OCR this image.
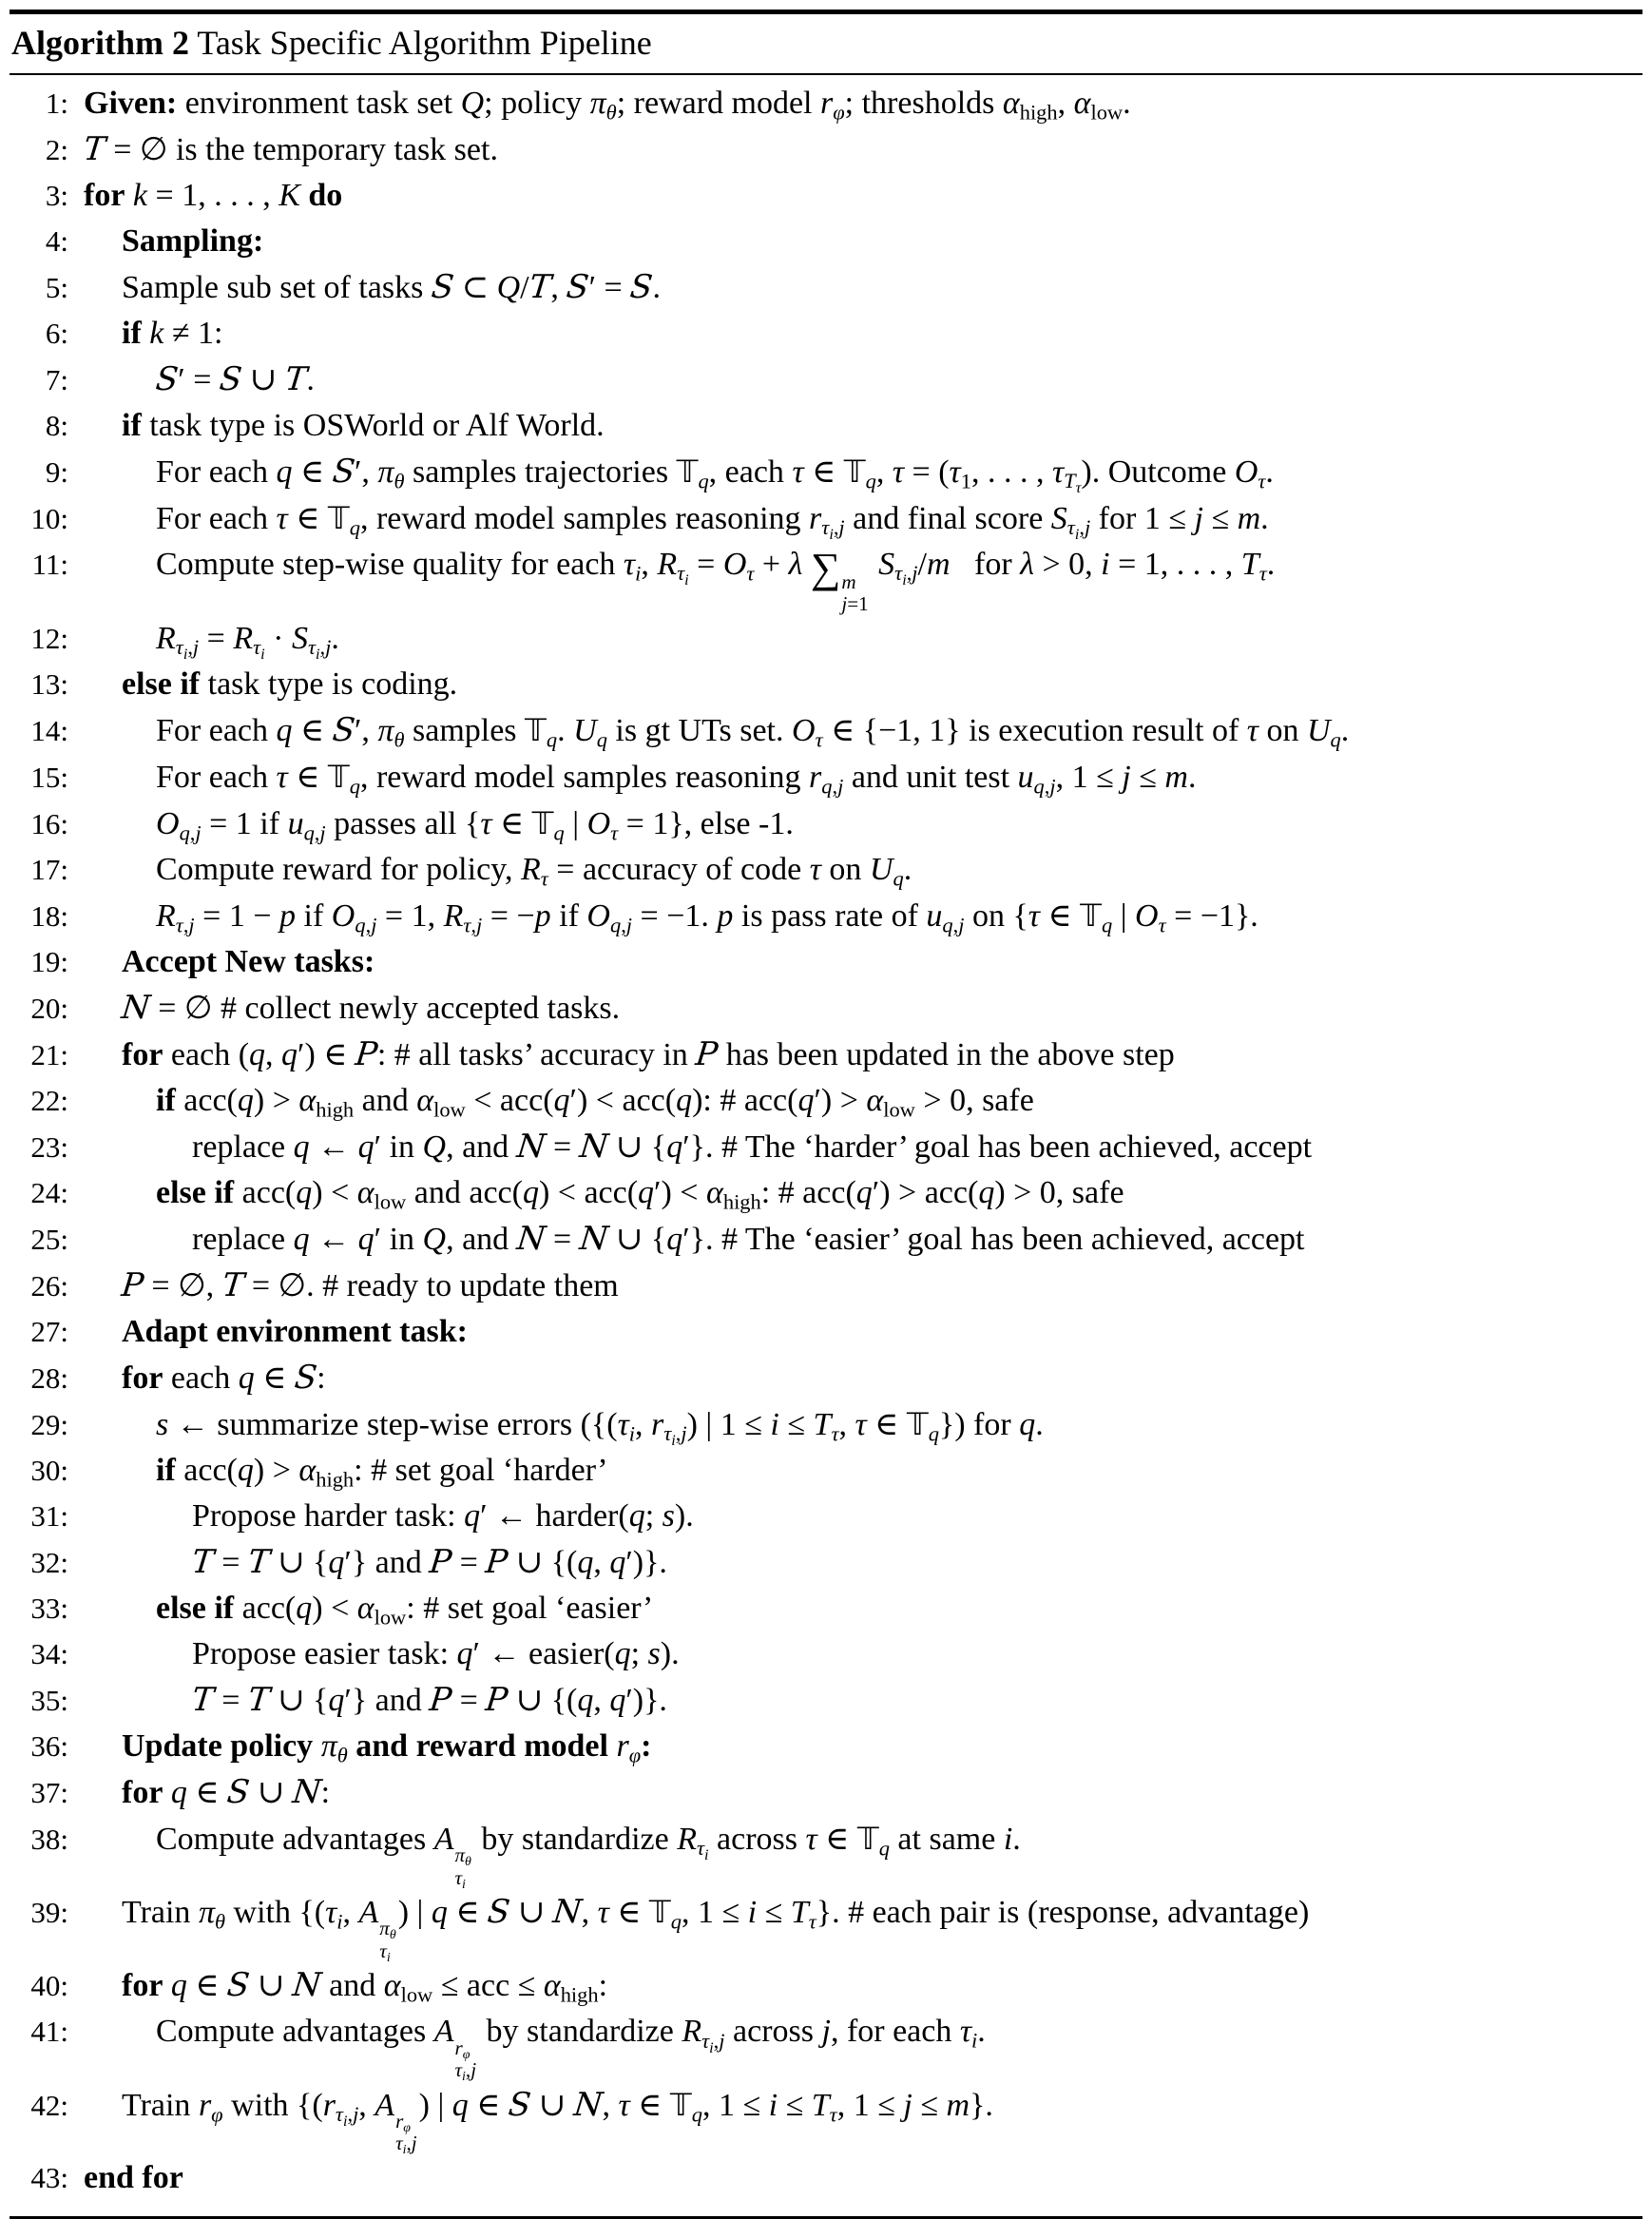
Algorithm 2 Task Specific Algorithm Pipeline
1: Given: environment task set Q; policy $\pi_\theta$; reward model $r_\varphi$; thresholds $\alpha_{high}$, $\alpha_{low}$.
2: T = ∅ is the temporary task set.
3: for k = 1, . . . , K do
4:	Sampling:
5:	Sample sub set of tasks S ⊂ Q/T, S′ = S.
6:	if k ≠ 1:
7:	S′ = S ∪ T.
8:	if task type is OSWorld or Alf World.
9:	For each q ∈ S′, $\pi_\theta$ samples trajectories 𝕋$_q$, each τ ∈ 𝕋$_q$, $\tau = (\tau_1$, . . . , $\tau_{T_\tau}$). Outcome $O_\tau$.
10:	For each τ ∈ 𝕋$_q$, reward model samples reasoning $r_{\tau_i,j}$ and final score $S_{\tau_i,j}$ for 1 ≤ j ≤ m.
11:	Compute step-wise quality for each $\tau_i$, $R_{\tau_i} = O_\tau + \lambda$ ∑ m
j=1
$S_{\tau_i,j}/m$   for λ > 0, i = 1, . . . , $T_\tau$.
12:	$R_{\tau_i,j} = R_{\tau_i} \cdot S_{\tau_i,j}$.
13:	else if task type is coding.
14:	For each q ∈ S′, $\pi_\theta$ samples 𝕋$_q$. $U_q$ is gt UTs set. $O_\tau$ ∈ {−1, 1} is execution result of τ on $U_q$.
15:	For each τ ∈ 𝕋$_q$, reward model samples reasoning $r_{q,j}$ and unit test $u_{q,j}$, 1 ≤ j ≤ m.
16:	$O_{q,j} = 1$ if $u_{q,j}$ passes all {τ ∈ 𝕋$_q$ | $O_\tau = 1$}, else -1.
17:	Compute reward for policy, $R_\tau$ = accuracy of code τ on $U_q$.
18:	$R_{\tau,j} = 1 - p$ if $O_{q,j} = 1$, $R_{\tau,j} = -p$ if $O_{q,j} = -1$. p is pass rate of $u_{q,j}$ on {τ ∈ 𝕋$_q$ | $O_\tau = -1$}.
19:	Accept New tasks:
20:	N = ∅ # collect newly accepted tasks.
21:	for each (q, q′) ∈ P: # all tasks’ accuracy in P has been updated in the above step
22:	if $acc(q) > \alpha_{high}$ and $\alpha_{low} < acc(q') < acc(q)$: # $acc(q') > \alpha_{low} > 0$, safe
23:	replace q ← q′ in Q, and N = N ∪ {q′}. # The ‘harder’ goal has been achieved, accept
24:	else if $acc(q) < \alpha_{low}$ and $acc(q) < acc(q') < \alpha_{high}$: # acc(q′) > acc(q) > 0, safe
25:	replace q ← q′ in Q, and N = N ∪ {q′}. # The ‘easier’ goal has been achieved, accept
26:	P = ∅, T = ∅. # ready to update them
27:	Adapt environment task:
28:	for each q ∈ S:
29:	s ← summarize step-wise errors ({($\tau_i$, $r_{\tau_i,j}$) | $1 \le i \le T_\tau$, τ ∈ 𝕋$_q$}) for q.
30:	if $acc(q) > \alpha_{high}$: # set goal ‘harder’
31:	Propose harder task: q′ ← harder(q; s).
32:	T = T ∪ {q′} and P = P ∪ {(q, q′)}.
33:	else if $acc(q) < \alpha_{low}$: # set goal ‘easier’
34:	Propose easier task: q′ ← easier(q; s).
35:	T = T ∪ {q′} and P = P ∪ {(q, q′)}.
36:	Update policy $\pi_\theta$ and reward model $r_\varphi$:
37:	for q ∈ S ∪ N:
38:	Compute advantages A $\pi_\theta$
$\tau_i$
by standardize $R_{\tau_i}$ across τ ∈ 𝕋$_q$ at same i.
39:	Train $\pi_\theta$ with {($\tau_i$, A $\pi_\theta$
$\tau_i$
) | q ∈ S ∪ N, τ ∈ 𝕋$_q$, $1 \le i \le T_\tau$}. # each pair is (response, advantage)
40:	for q ∈ S ∪ N and $\alpha_{low}$ ≤ acc ≤ $\alpha_{high}$:
41:	Compute advantages A $r_\varphi$
$\tau_i,j$
by standardize $R_{\tau_i,j}$ across j, for each $\tau_i$.
42:	Train $r_\varphi$ with {($r_{\tau_i,j}$, A $r_\varphi$
$\tau_i,j$
) | q ∈ S ∪ N, τ ∈ 𝕋$_q$, $1 \le i \le T_\tau$, 1 ≤ j ≤ m}.
43: end for
